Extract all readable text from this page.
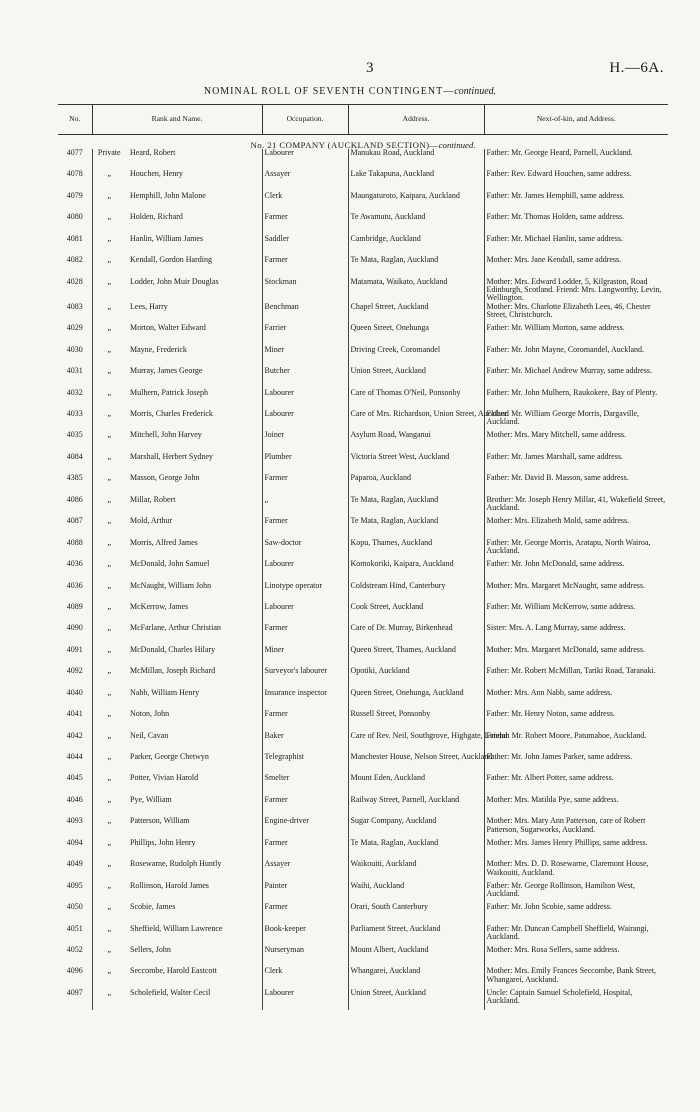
3	H.—6A.
NOMINAL ROLL OF SEVENTH CONTINGENT—continued.
No.	Rank and Name.		Occupation.	Address.	Next-of-kin, and Address.
No. 21 COMPANY (AUCKLAND SECTION)—continued.					
4077	Private	Heard, Robert	Labourer	Manukau Road, Auckland	Father: Mr. George Heard, Parnell, Auckland.
4078	„	Houchen, Henry	Assayer	Lake Takapuna, Auckland	Father: Rev. Edward Houchen, same address.
4079	„	Hemphill, John Malone	Clerk	Maungaturoto, Kaipara, Auckland	Father: Mr. James Hemphill, same address.
4080	„	Holden, Richard	Farmer	Te Awamutu, Auckland	Father: Mr. Thomas Holden, same address.
4081	„	Hanlin, William James	Saddler	Cambridge, Auckland	Father: Mr. Michael Hanlin, same address.
4082	„	Kendall, Gordon Harding	Farmer	Te Mata, Raglan, Auckland	Mother: Mrs. Jane Kendall, same address.
4028	„	Lodder, John Muir Douglas	Stockman	Matamata, Waikato, Auckland	Mother: Mrs. Edward Lodder, 5, Kilgraston, Road Edinburgh, Scotland. Friend: Mrs. Langworthy, Levin, Wellington.
4083	„	Lees, Harry	Benchman	Chapel Street, Auckland	Mother: Mrs. Charlotte Elizabeth Lees, 46, Chester Street, Christchurch.
4029	„	Morton, Walter Edward	Farrier	Queen Street, Onehunga	Father: Mr. William Morton, same address.
4030	„	Mayne, Frederick	Miner	Driving Creek, Coromandel	Father: Mr. John Mayne, Coromandel, Auckland.
4031	„	Murray, James George	Butcher	Union Street, Auckland	Father: Mr. Michael Andrew Murray, same address.
4032	„	Mulhern, Patrick Joseph	Labourer	Care of Thomas O'Neil, Ponsonby	Father: Mr. John Mulhern, Raukokere, Bay of Plenty.
4033	„	Morris, Charles Frederick	Labourer	Care of Mrs. Richardson, Union Street, Auckland	Father: Mr. William George Morris, Dargaville, Auckland.
4035	„	Mitchell, John Harvey	Joiner	Asylum Road, Wanganui	Mother: Mrs. Mary Mitchell, same address.
4084	„	Marshall, Herbert Sydney	Plumber	Victoria Street West, Auckland	Father: Mr. James Marshall, same address.
4385	„	Masson, George John	Farmer	Paparoa, Auckland	Father: Mr. David B. Masson, same address.
4086	„	Millar, Robert	„	Te Mata, Raglan, Auckland	Brother: Mr. Joseph Henry Millar, 41, Wakefield Street, Auckland.
4087	„	Mold, Arthur	Farmer	Te Mata, Raglan, Auckland	Mother: Mrs. Elizabeth Mold, same address.
4088	„	Morris, Alfred James	Saw-doctor	Kopu, Thames, Auckland	Father: Mr. George Morris, Aratapu, North Wairoa, Auckland.
4036	„	McDonald, John Samuel	Labourer	Komokoriki, Kaipara, Auckland	Father: Mr. John McDonald, same address.
4036	„	McNaught, William John	Linotype operator	Coldstream Hind, Canterbury	Mother: Mrs. Margaret McNaught, same address.
4089	„	McKerrow, James	Labourer	Cook Street, Auckland	Father: Mr. William McKerrow, same address.
4090	„	McFarlane, Arthur Christian	Farmer	Care of Dr. Murray, Birkenhead	Sister: Mrs. A. Lang Murray, same address.
4091	„	McDonald, Charles Hilary	Miner	Queen Street, Thames, Auckland	Mother: Mrs. Margaret McDonald, same address.
4092	„	McMillan, Joseph Richard	Surveyor's labourer	Opotiki, Auckland	Father: Mr. Robert McMillan, Tariki Road, Taranaki.
4040	„	Nabb, William Henry	Insurance inspector	Queen Street, Onehunga, Auckland	Mother: Mrs. Ann Nabb, same address.
4041	„	Noton, John	Farmer	Russell Street, Ponsonby	Father: Mr. Henry Noton, same address.
4042	„	Neil, Cavan	Baker	Care of Rev. Neil, Southgrove, Highgate, London	Friend: Mr. Robert Moore, Patumahoe, Auckland.
4044	„	Parker, George Chetwyn	Telegraphist	Manchester House, Nelson Street, Auckland	Father: Mr. John James Parker, same address.
4045	„	Potter, Vivian Harold	Smelter	Mount Eden, Auckland	Father: Mr. Albert Potter, same address.
4046	„	Pye, William	Farmer	Railway Street, Parnell, Auckland	Mother: Mrs. Matilda Pye, same address.
4093	„	Patterson, William	Engine-driver	Sugar Company, Auckland	Mother: Mrs. Mary Ann Patterson, care of Robert Patterson, Sugarworks, Auckland.
4094	„	Phillips, John Henry	Farmer	Te Mata, Raglan, Auckland	Mother: Mrs. James Henry Phillips, same address.
4049	„	Rosewarne, Rudolph Huntly	Assayer	Waikouiti, Auckland	Mother: Mrs. D. D. Rosewarne, Claremont House, Waikouiti, Auckland.
4095	„	Rollinson, Harold James	Painter	Waihi, Auckland	Father: Mr. George Rollinson, Hamilton West, Auckland.
4050	„	Scobie, James	Farmer	Orari, South Canterbury	Father: Mr. John Scobie, same address.
4051	„	Sheffield, William Lawrence	Book-keeper	Parliament Street, Auckland	Father: Mr. Duncan Campbell Sheffield, Wairangi, Auckland.
4052	„	Sellers, John	Nurseryman	Mount Albert, Auckland	Mother: Mrs. Rosa Sellers, same address.
4096	„	Seccombe, Harold Eastcott	Clerk	Whangarei, Auckland	Mother: Mrs. Emily Frances Seccombe, Bank Street, Whangarei, Auckland.
4097	„	Scholefield, Walter Cecil	Labourer	Union Street, Auckland	Uncle: Captain Samuel Scholefield, Hospital, Auckland.
